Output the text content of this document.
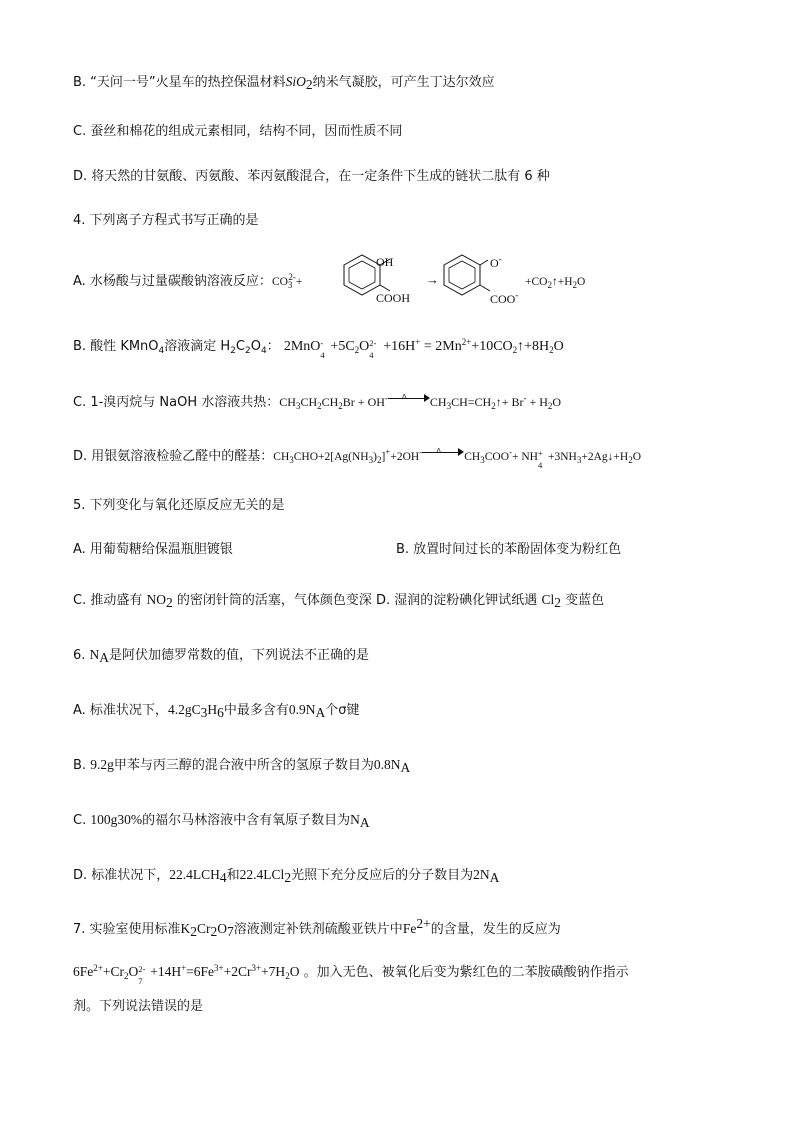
B. “天问一号”火星车的热控保温材料SiO$_2$纳米气凝胶，可产生丁达尔效应
C. 蚕丝和棉花的组成元素相同，结构不同，因而性质不同
D. 将天然的甘氨酸、丙氨酸、苯丙氨酸混合，在一定条件下生成的链状二肽有 6 种
4. 下列离子方程式书写正确的是
A. 水杨酸与过量碳酸钠溶液反应：$CO_3^{2-}+$
OH
COOH
→
O-
COO-
$+CO_2↑+H_2O$
B. 酸性 KMnO$_4$溶液滴定 $H_2C_2O_4$： 2MnO -
4
$+5C_2O$ 2-
4
$+16H^+ = 2Mn^{2+}+10CO_2↑+8H_2O$
C. 1-溴丙烷与 NaOH 水溶液共热：$CH_3CH_2CH_2Br + OH^-$ Δ $CH_3CH=CH_2↑+ Br^- + H_2O$
D. 用银氨溶液检验乙醛中的醛基：$CH_3CHO+2[Ag(NH_3)_2]^++2OH^-$ Δ $CH_3COO^-+$ NH +
4
$+3NH_3+2Ag↓+H_2O$
5. 下列变化与氧化还原反应无关的是
A. 用葡萄糖给保温瓶胆镀银	B. 放置时间过长的苯酚固体变为粉红色
C. 推动盛有 $NO_2$ 的密闭针筒的活塞，气体颜色变深 D. 湿润的淀粉碘化钾试纸遇 $Cl_2$ 变蓝色
6. $N_A$是阿伏加德罗常数的值，下列说法不正确的是
A. 标准状况下，$4.2gC_3H_6$中最多含有$0.9N_A$个σ键
B. 9.2g甲苯与丙三醇的混合液中所含的氢原子数目为$0.8N_A$
C. 100g30%的福尔马林溶液中含有氧原子数目为$N_A$
D. 标准状况下，$22.4LCH_4$和22.4LCl$_2$光照下充分反应后的分子数目为$2N_A$
7. 实验室使用标准$K_2Cr_2O_7$溶液测定补铁剂硫酸亚铁片中$Fe^{2+}$的含量，发生的反应为
$6Fe^{2+}+Cr_2O$ 2-
7
$+14H^+=6Fe^{3+}+2Cr^{3+}+7H_2O$ 。加入无色、被氧化后变为紫红色的二苯胺磺酸钠作指示
剂。下列说法错误的是
